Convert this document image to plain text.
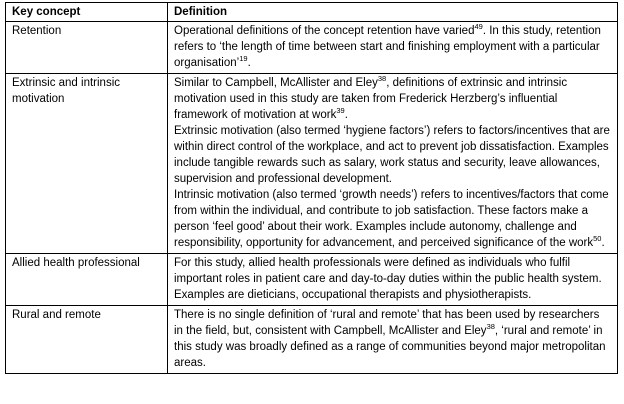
Key concept	Definition
Retention	Operational definitions of the concept retention have varied$^{49}$. In this study, retention refers to ‘the length of time between start and finishing employment with a particular organisation’$^{19}$.

Extrinsic and intrinsic motivation	Similar to Campbell, McAllister and Eley$^{38}$, definitions of extrinsic and intrinsic motivation used in this study are taken from Frederick Herzberg’s influential framework of motivation at work$^{39}$.
Extrinsic motivation (also termed ‘hygiene factors’) refers to factors/incentives that are within direct control of the workplace, and act to prevent job dissatisfaction. Examples include tangible rewards such as salary, work status and security, leave allowances, supervision and professional development.
Intrinsic motivation (also termed ‘growth needs’) refers to incentives/factors that come from within the individual, and contribute to job satisfaction. These factors make a person ‘feel good’ about their work. Examples include autonomy, challenge and responsibility, opportunity for advancement, and perceived significance of the work$^{50}$.

Allied health professional	For this study, allied health professionals were defined as individuals who fulfil important roles in patient care and day-to-day duties within the public health system. Examples are dieticians, occupational therapists and physiotherapists.

Rural and remote	There is no single definition of ‘rural and remote’ that has been used by researchers in the field, but, consistent with Campbell, McAllister and Eley$^{38}$, ‘rural and remote’ in this study was broadly defined as a range of communities beyond major metropolitan areas.
